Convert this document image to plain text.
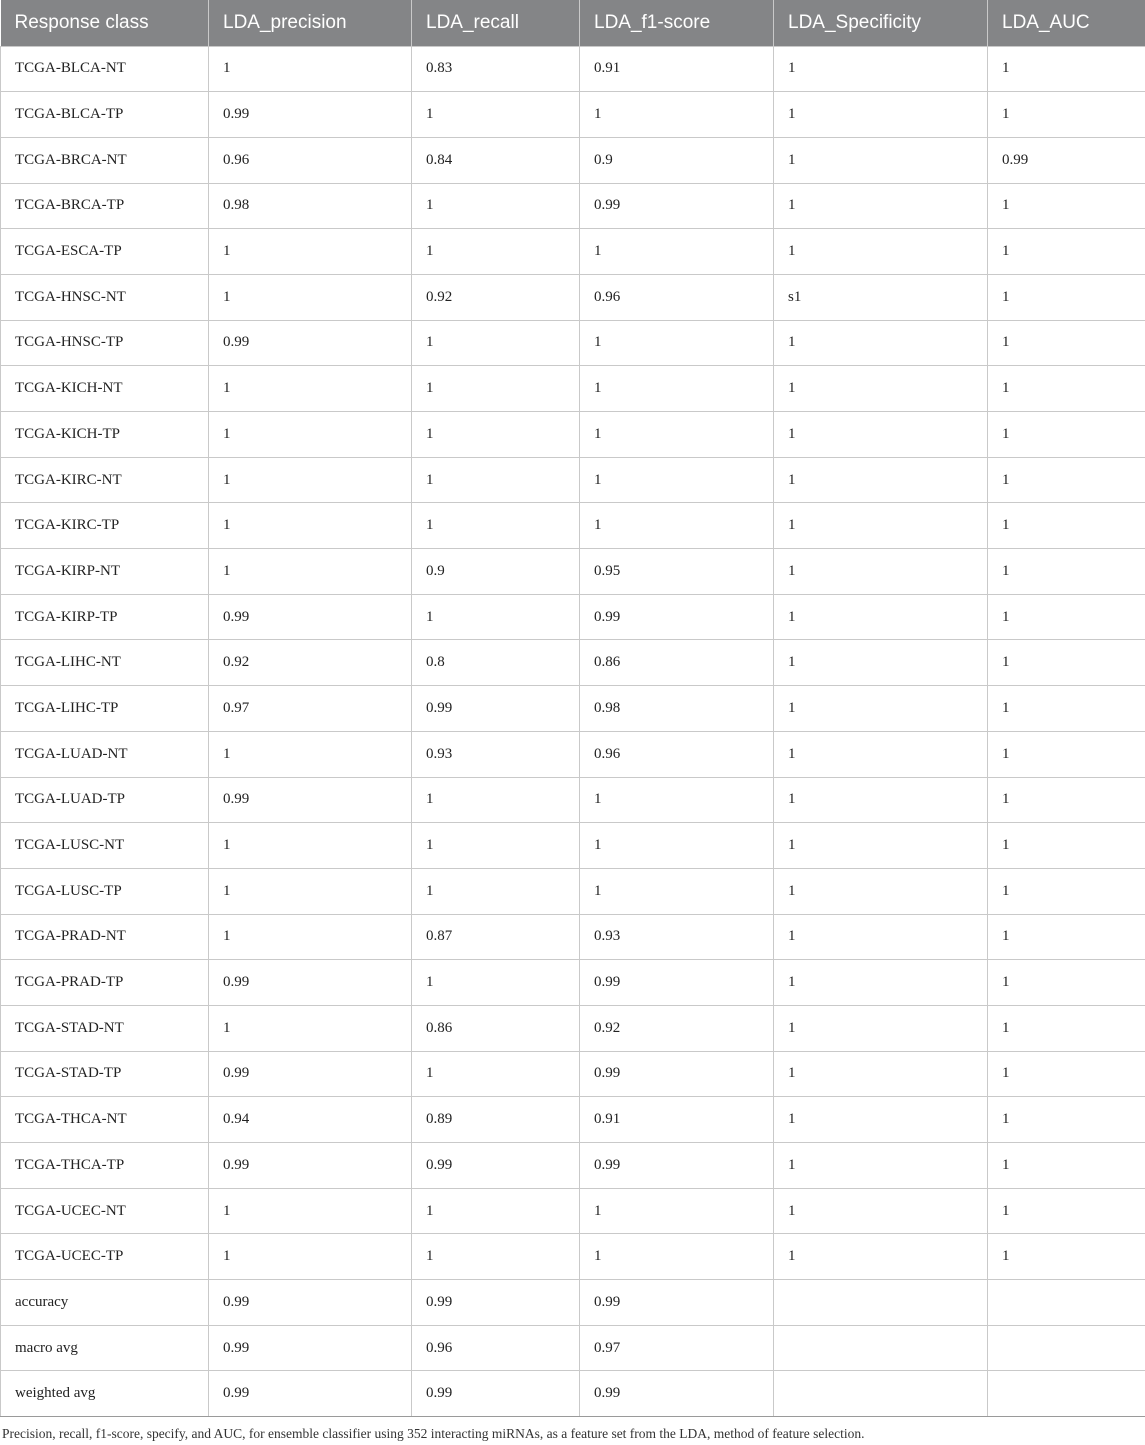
Response class	LDA_precision	LDA_recall	LDA_f1-score	LDA_Specificity	LDA_AUC
TCGA-BLCA-NT	1	0.83	0.91	1	1
TCGA-BLCA-TP	0.99	1	1	1	1
TCGA-BRCA-NT	0.96	0.84	0.9	1	0.99
TCGA-BRCA-TP	0.98	1	0.99	1	1
TCGA-ESCA-TP	1	1	1	1	1
TCGA-HNSC-NT	1	0.92	0.96	s1	1
TCGA-HNSC-TP	0.99	1	1	1	1
TCGA-KICH-NT	1	1	1	1	1
TCGA-KICH-TP	1	1	1	1	1
TCGA-KIRC-NT	1	1	1	1	1
TCGA-KIRC-TP	1	1	1	1	1
TCGA-KIRP-NT	1	0.9	0.95	1	1
TCGA-KIRP-TP	0.99	1	0.99	1	1
TCGA-LIHC-NT	0.92	0.8	0.86	1	1
TCGA-LIHC-TP	0.97	0.99	0.98	1	1
TCGA-LUAD-NT	1	0.93	0.96	1	1
TCGA-LUAD-TP	0.99	1	1	1	1
TCGA-LUSC-NT	1	1	1	1	1
TCGA-LUSC-TP	1	1	1	1	1
TCGA-PRAD-NT	1	0.87	0.93	1	1
TCGA-PRAD-TP	0.99	1	0.99	1	1
TCGA-STAD-NT	1	0.86	0.92	1	1
TCGA-STAD-TP	0.99	1	0.99	1	1
TCGA-THCA-NT	0.94	0.89	0.91	1	1
TCGA-THCA-TP	0.99	0.99	0.99	1	1
TCGA-UCEC-NT	1	1	1	1	1
TCGA-UCEC-TP	1	1	1	1	1
accuracy	0.99	0.99	0.99		
macro avg	0.99	0.96	0.97		
weighted avg	0.99	0.99	0.99		
Precision, recall, f1-score, specify, and AUC, for ensemble classifier using 352 interacting miRNAs, as a feature set from the LDA, method of feature selection.
